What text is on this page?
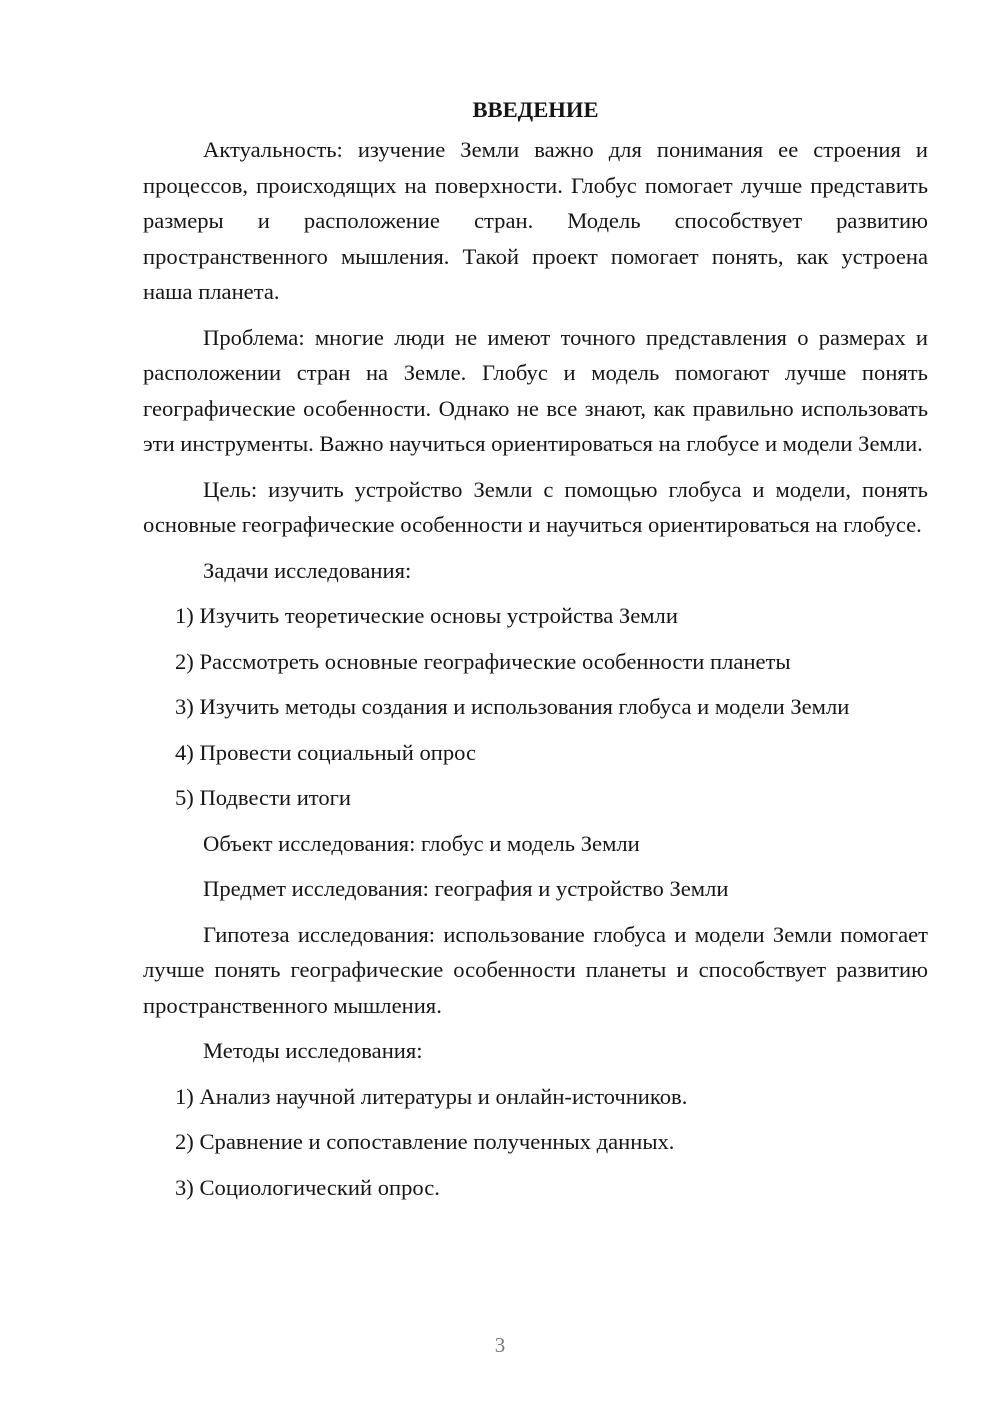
ВВЕДЕНИЕ

Актуальность: изучение Земли важно для понимания ее строения и процессов, происходящих на поверхности. Глобус помогает лучше представить размеры и расположение стран. Модель способствует развитию пространственного мышления. Такой проект помогает понять, как устроена наша планета.

Проблема: многие люди не имеют точного представления о размерах и расположении стран на Земле. Глобус и модель помогают лучше понять географические особенности. Однако не все знают, как правильно использовать эти инструменты. Важно научиться ориентироваться на глобусе и модели Земли.

Цель: изучить устройство Земли с помощью глобуса и модели, понять основные географические особенности и научиться ориентироваться на глобусе.

Задачи исследования:

1) Изучить теоретические основы устройства Земли

2) Рассмотреть основные географические особенности планеты

3) Изучить методы создания и использования глобуса и модели Земли

4) Провести социальный опрос

5) Подвести итоги

Объект исследования: глобус и модель Земли

Предмет исследования: география и устройство Земли

Гипотеза исследования: использование глобуса и модели Земли помогает лучше понять географические особенности планеты и способствует развитию пространственного мышления.

Методы исследования:

1) Анализ научной литературы и онлайн-источников.

2) Сравнение и сопоставление полученных данных.

3) Социологический опрос.

3
